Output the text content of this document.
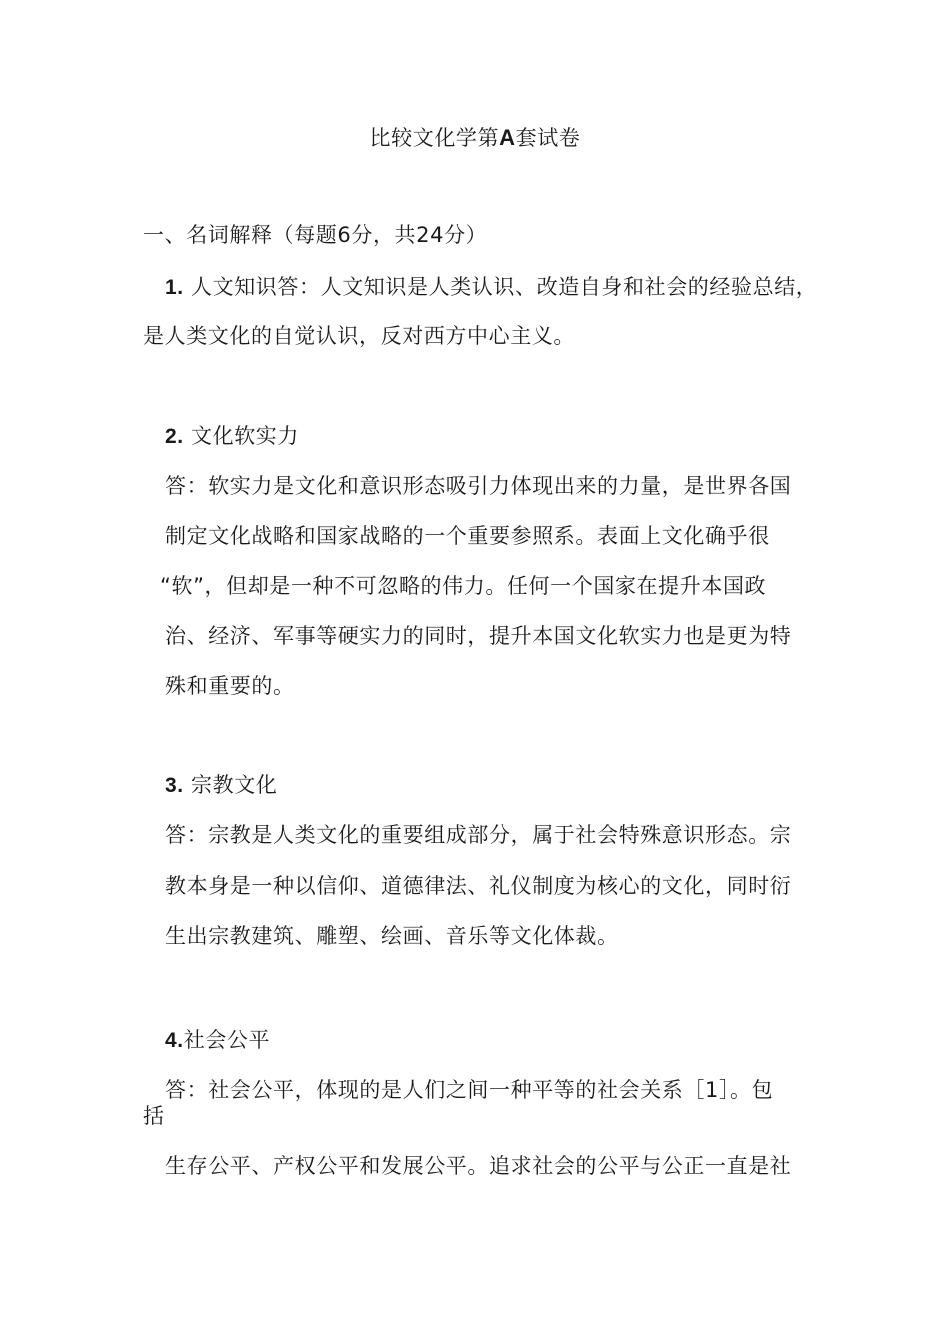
比较文化学第A套试卷
一、名词解释（每题6分，共24分）
1. 人文知识答：人文知识是人类认识、改造自身和社会的经验总结，
是人类文化的自觉认识，反对西方中心主义。
2. 文化软实力
答：软实力是文化和意识形态吸引力体现出来的力量，是世界各国
制定文化战略和国家战略的一个重要参照系。表面上文化确乎很
“软”，但却是一种不可忽略的伟力。任何一个国家在提升本国政
治、经济、军事等硬实力的同时，提升本国文化软实力也是更为特
殊和重要的。
3. 宗教文化
答：宗教是人类文化的重要组成部分，属于社会特殊意识形态。宗
教本身是一种以信仰、道德律法、礼仪制度为核心的文化，同时衍
生出宗教建筑、雕塑、绘画、音乐等文化体裁。
4.社会公平
答：社会公平，体现的是人们之间一种平等的社会关系［1］。包
括
生存公平、产权公平和发展公平。追求社会的公平与公正一直是社
